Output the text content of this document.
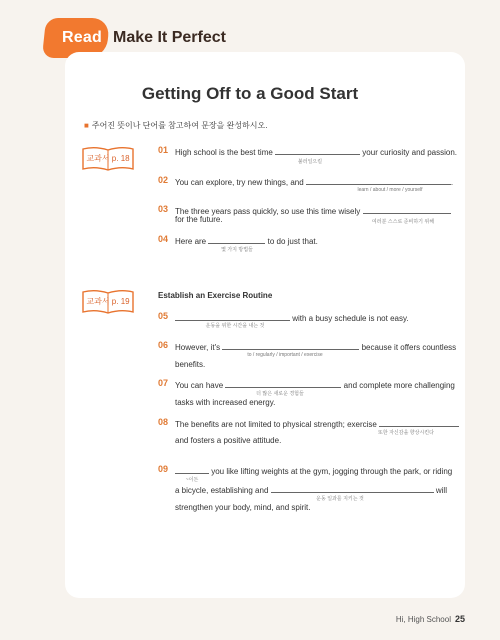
Read Make It Perfect
Getting Off to a Good Start
■ 주어진 뜻이나 단어를 참고하여 문장을 완성하시오.
교과서 p. 18
교과서 p. 19
01 High school is the best time	your curiosity and passion.
불러일으킬
02 You can explore, try new things, and	.
learn / about / more / yourself
03 The three years pass quickly, so use this time wisely
for the future.	여러분 스스로 준비하기 위해
04 Here are	to do just that.
몇 가지 방법들
Establish an Exercise Routine
05	with a busy schedule is not easy.
운동을 위한 시간을 내는 것
06 However, it's	because it offers countless
to / regularly / important / exercise
benefits.
07 You can have	and complete more challenging
더 많은 새로운 경험들
tasks with increased energy.
08 The benefits are not limited to physical strength; exercise
또한 자신감을 향상시킨다
and fosters a positive attitude.
09	you like lifting weights at the gym, jogging through the park, or riding
~이든
a bicycle, establishing and	will
운동 일과를 지키는 것
strengthen your body, mind, and spirit.
Hi, High School 25
